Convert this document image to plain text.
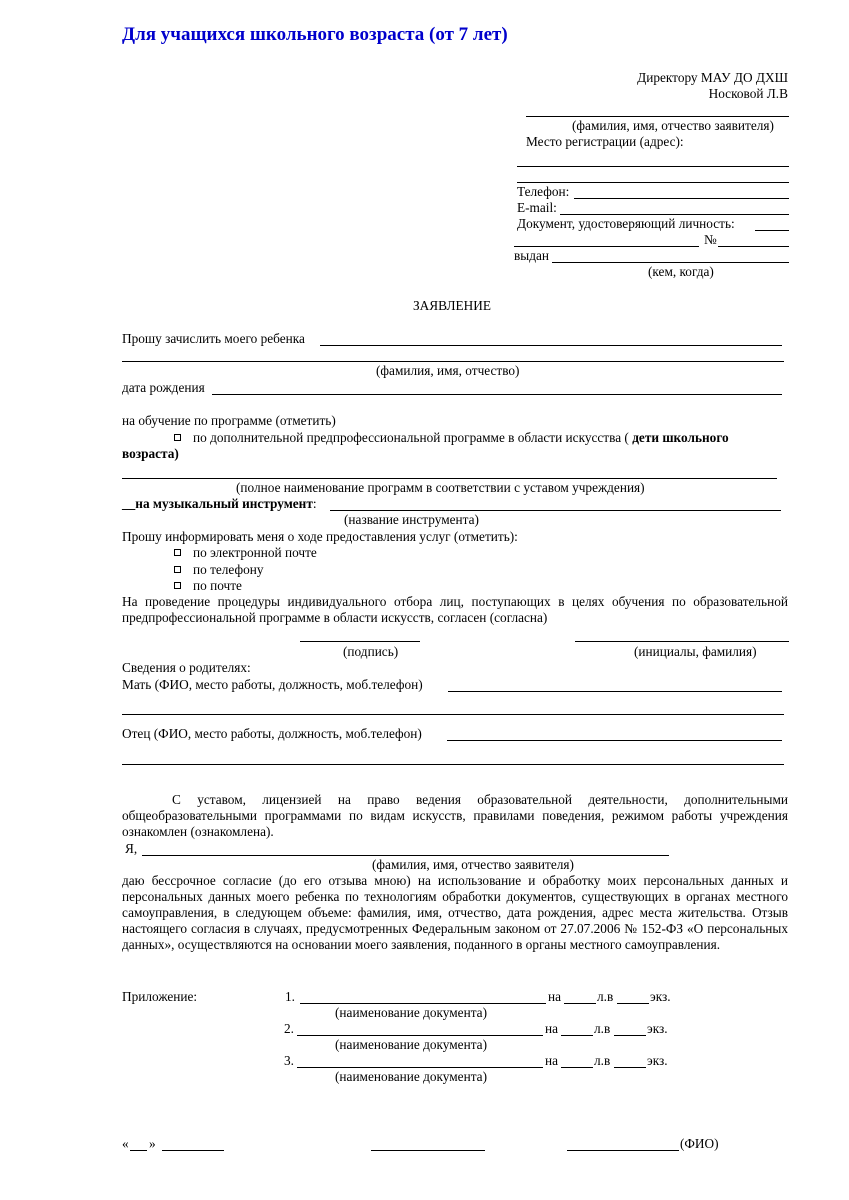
Для учащихся школьного возраста (от 7 лет)
Директору МАУ ДО ДХШ
Носковой Л.В
(фамилия, имя, отчество заявителя)
Место регистрации (адрес):
Телефон:
E-mail:
Документ, удостоверяющий личность:
№
выдан
(кем, когда)
ЗАЯВЛЕНИЕ
Прошу зачислить моего ребенка
(фамилия, имя, отчество)
дата рождения
на обучение по программе (отметить)
по дополнительной предпрофессиональной программе в области искусства ( дети школьного
возраста)
(полное наименование программ в соответствии с уставом учреждения)
__на музыкальный инструмент:
(название инструмента)
Прошу информировать меня о ходе предоставления услуг (отметить):
по электронной почте
по телефону
по почте
На проведение процедуры индивидуального отбора лиц, поступающих в целях обучения по образовательной предпрофессиональной программе в области искусств, согласен (согласна)
(подпись)	(инициалы, фамилия)
Сведения о родителях:
Мать (ФИО, место работы, должность, моб.телефон)
Отец (ФИО, место работы, должность, моб.телефон)
С уставом, лицензией на право ведения образовательной деятельности, дополнительными общеобразовательными программами по видам искусств, правилами поведения, режимом работы учреждения ознакомлен (ознакомлена).
Я,
(фамилия, имя, отчество заявителя)
даю бессрочное согласие (до его отзыва мною) на использование и обработку моих персональных данных и персональных данных моего ребенка по технологиям обработки документов, существующих в органах местного самоуправления, в следующем объеме: фамилия, имя, отчество, дата рождения, адрес места жительства. Отзыв настоящего согласия в случаях, предусмотренных Федеральным законом от 27.07.2006 № 152-ФЗ «О персональных данных», осуществляются на основании моего заявления, поданного в органы местного самоуправления.
Приложение:	1.	на	л.в	экз.
(наименование документа)
2.	на	л.в	экз.
(наименование документа)
3.	на	л.в	экз.
(наименование документа)
« »	(ФИО)
